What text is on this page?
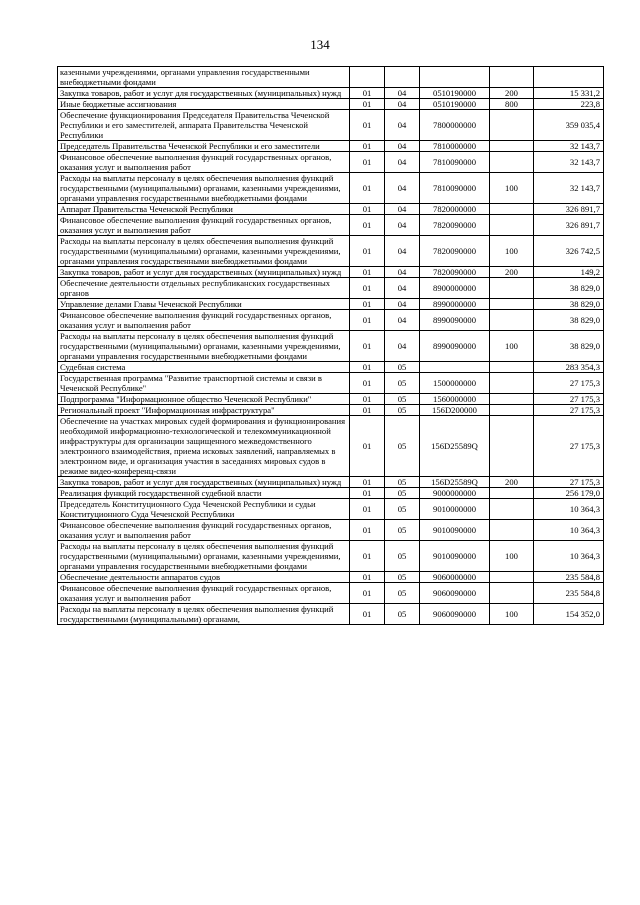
134
казенными учреждениями, органами управления государственными внебюджетными фондами					
Закупка товаров, работ и услуг для государственных (муниципальных) нужд	01	04	0510190000	200	15 331,2
Иные бюджетные ассигнования	01	04	0510190000	800	223,8
Обеспечение функционирования Председателя Правительства Чеченской Республики и его заместителей, аппарата Правительства Чеченской Республики	01	04	7800000000		359 035,4
Председатель Правительства Чеченской Республики и его заместители	01	04	7810000000		32 143,7
Финансовое обеспечение выполнения функций государственных органов, оказания услуг и выполнения работ	01	04	7810090000		32 143,7
Расходы на выплаты персоналу в целях обеспечения выполнения функций государственными (муниципальными) органами, казенными учреждениями, органами управления государственными внебюджетными фондами	01	04	7810090000	100	32 143,7
Аппарат Правительства Чеченской Республики	01	04	7820000000		326 891,7
Финансовое обеспечение выполнения функций государственных органов, оказания услуг и выполнения работ	01	04	7820090000		326 891,7
Расходы на выплаты персоналу в целях обеспечения выполнения функций государственными (муниципальными) органами, казенными учреждениями, органами управления государственными внебюджетными фондами	01	04	7820090000	100	326 742,5
Закупка товаров, работ и услуг для государственных (муниципальных) нужд	01	04	7820090000	200	149,2
Обеспечение деятельности отдельных республиканских государственных органов	01	04	8900000000		38 829,0
Управление делами Главы Чеченской Республики	01	04	8990000000		38 829,0
Финансовое обеспечение выполнения функций государственных органов, оказания услуг и выполнения работ	01	04	8990090000		38 829,0
Расходы на выплаты персоналу в целях обеспечения выполнения функций государственными (муниципальными) органами, казенными учреждениями, органами управления государственными внебюджетными фондами	01	04	8990090000	100	38 829,0
Судебная система	01	05			283 354,3
Государственная программа "Развитие транспортной системы и связи в Чеченской Республике"	01	05	1500000000		27 175,3
Подпрограмма "Информационное общество Чеченской Республики"	01	05	1560000000		27 175,3
Региональный проект "Информационная инфраструктура"	01	05	156D200000		27 175,3
Обеспечение на участках мировых судей формирования и функционирования необходимой информационно-технологической и телекоммуникационной инфраструктуры для организации защищенного межведомственного электронного взаимодействия, приема исковых заявлений, направляемых в электронном виде, и организация участия в заседаниях мировых судов в режиме видео-конференц-связи	01	05	156D25589Q		27 175,3
Закупка товаров, работ и услуг для государственных (муниципальных) нужд	01	05	156D25589Q	200	27 175,3
Реализация функций государственной судебной власти	01	05	9000000000		256 179,0
Председатель Конституционного Суда Чеченской Республики и судьи Конституционного Суда Чеченской Республики	01	05	9010000000		10 364,3
Финансовое обеспечение выполнения функций государственных органов, оказания услуг и выполнения работ	01	05	9010090000		10 364,3
Расходы на выплаты персоналу в целях обеспечения выполнения функций государственными (муниципальными) органами, казенными учреждениями, органами управления государственными внебюджетными фондами	01	05	9010090000	100	10 364,3
Обеспечение деятельности аппаратов судов	01	05	9060000000		235 584,8
Финансовое обеспечение выполнения функций государственных органов, оказания услуг и выполнения работ	01	05	9060090000		235 584,8
Расходы на выплаты персоналу в целях обеспечения выполнения функций государственными (муниципальными) органами,	01	05	9060090000	100	154 352,0
